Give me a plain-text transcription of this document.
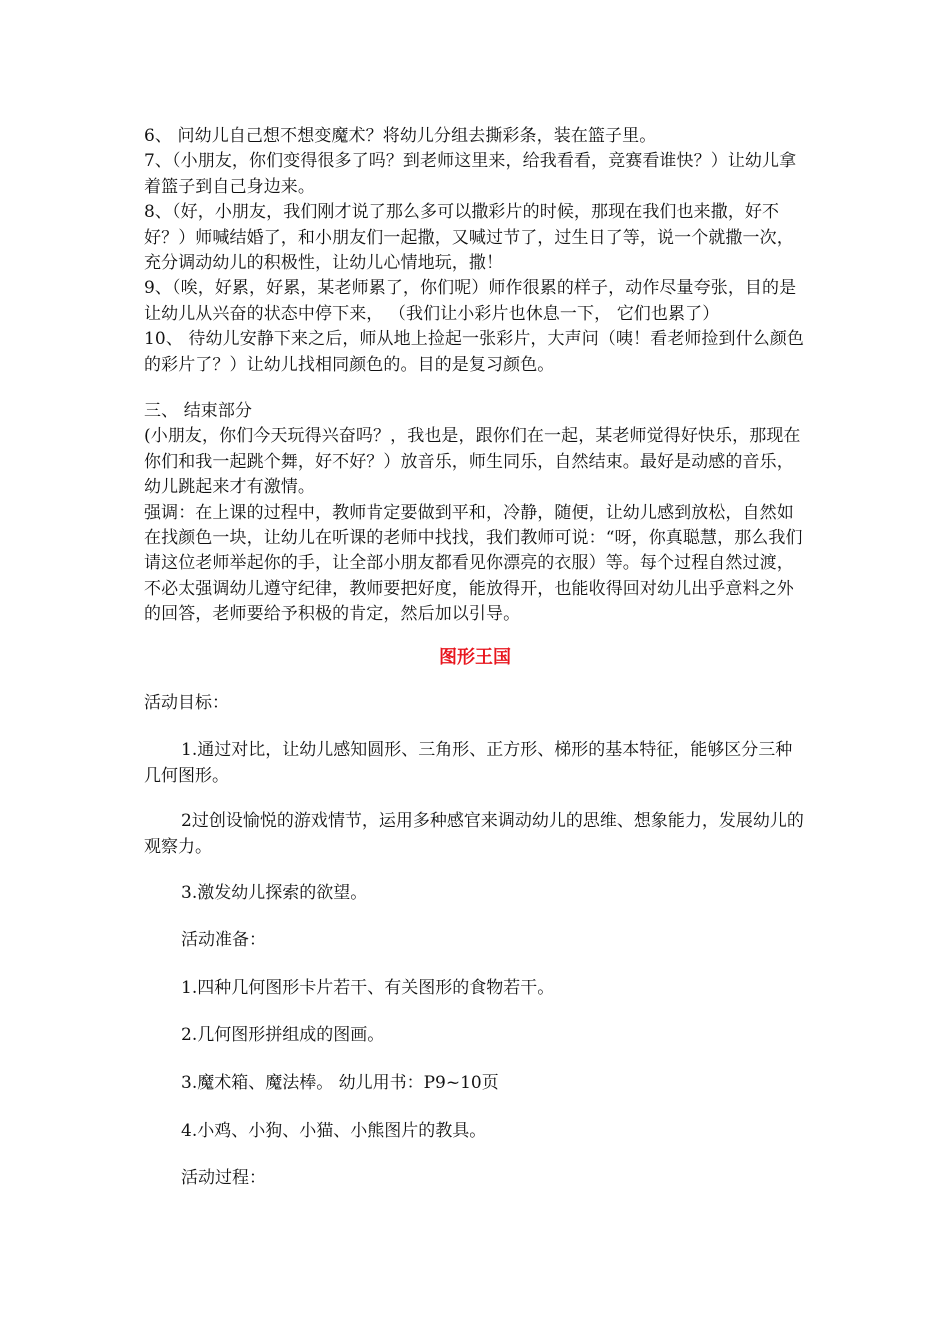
6、 问幼儿自己想不想变魔术？将幼儿分组去撕彩条，装在篮子里。

7、（小朋友，你们变得很多了吗？到老师这里来，给我看看，竞赛看谁快？）让幼儿拿着篮子到自己身边来。

8、（好，小朋友，我们刚才说了那么多可以撒彩片的时候，那现在我们也来撒，好不好？）师喊结婚了，和小朋友们一起撒，又喊过节了，过生日了等，说一个就撒一次， 充分调动幼儿的积极性，让幼儿心情地玩，撒！

9、（唉，好累，好累，某老师累了，你们呢）师作很累的样子，动作尽量夸张，目的是让幼儿从兴奋的状态中停下来， （我们让小彩片也休息一下， 它们也累了）

10、 待幼儿安静下来之后，师从地上捡起一张彩片，大声问（咦！看老师捡到什么颜色的彩片了？）让幼儿找相同颜色的。目的是复习颜色。

三、 结束部分

(小朋友，你们今天玩得兴奋吗？，我也是，跟你们在一起，某老师觉得好快乐，那现在你们和我一起跳个舞，好不好？）放音乐，师生同乐，自然结束。最好是动感的音乐， 幼儿跳起来才有激情。

强调：在上课的过程中，教师肯定要做到平和，冷静，随便，让幼儿感到放松，自然如在找颜色一块，让幼儿在听课的老师中找找，我们教师可说：“呀，你真聪慧，那么我们请这位老师举起你的手，让全部小朋友都看见你漂亮的衣服）等。每个过程自然过渡，不必太强调幼儿遵守纪律，教师要把好度，能放得开，也能收得回对幼儿出乎意料之外的回答，老师要给予积极的肯定，然后加以引导。

图形王国
活动目标：
1.通过对比，让幼儿感知圆形、三角形、正方形、梯形的基本特征，能够区分三种几何图形。
2过创设愉悦的游戏情节，运用多种感官来调动幼儿的思维、想象能力，发展幼儿的观察力。
3.激发幼儿探索的欲望。
活动准备：
1.四种几何图形卡片若干、有关图形的食物若干。
2.几何图形拼组成的图画。
3.魔术箱、魔法棒。 幼儿用书：P9~10页
4.小鸡、小狗、小猫、小熊图片的教具。
活动过程：
